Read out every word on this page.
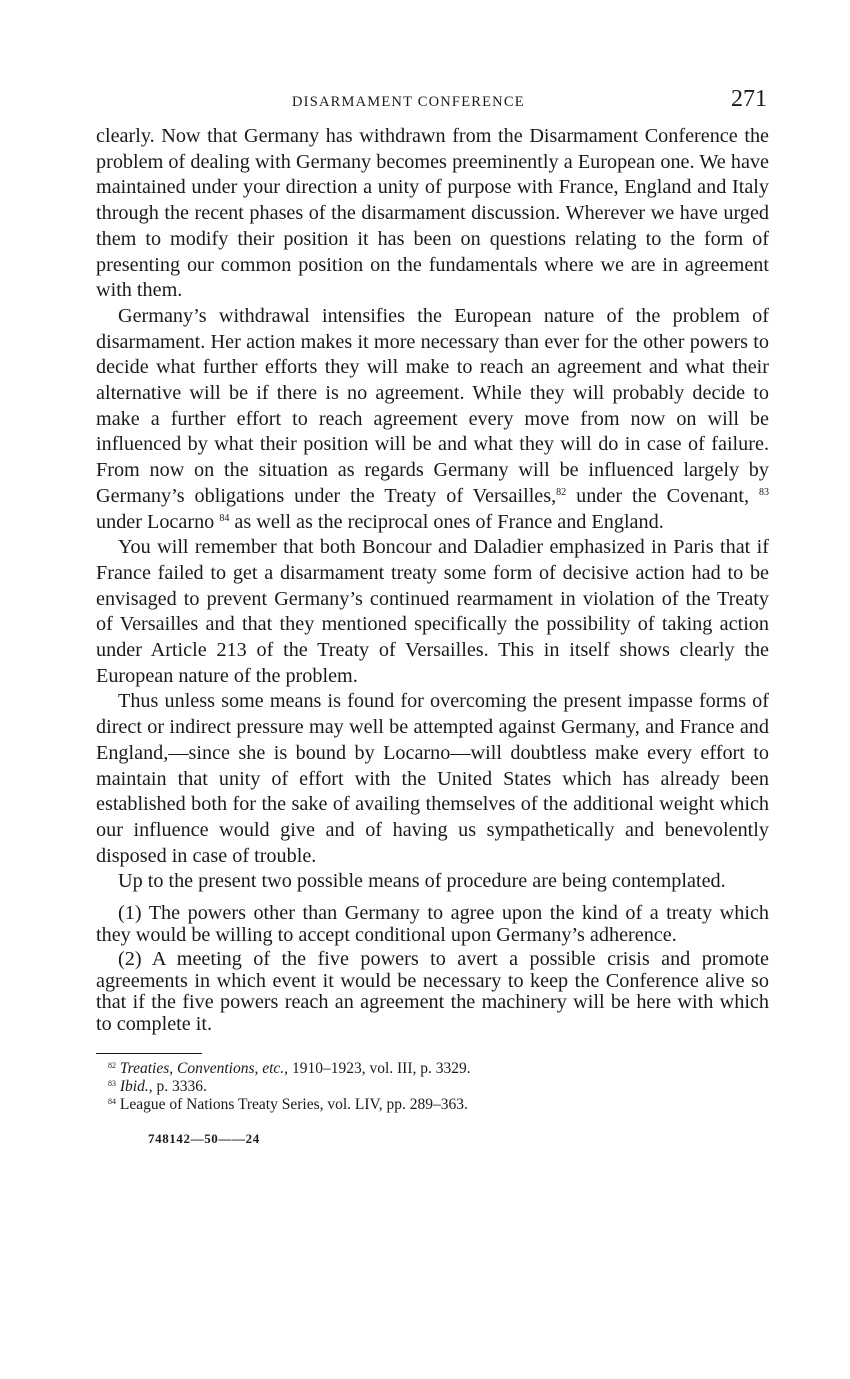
DISARMAMENT CONFERENCE	271

clearly. Now that Germany has withdrawn from the Disarmament Conference the problem of dealing with Germany becomes preeminently a European one. We have maintained under your direction a unity of purpose with France, England and Italy through the recent phases of the disarmament discussion. Wherever we have urged them to modify their position it has been on questions relating to the form of presenting our common position on the fundamentals where we are in agreement with them.

Germany’s withdrawal intensifies the European nature of the problem of disarmament. Her action makes it more necessary than ever for the other powers to decide what further efforts they will make to reach an agreement and what their alternative will be if there is no agreement. While they will probably decide to make a further effort to reach agreement every move from now on will be influenced by what their position will be and what they will do in case of failure. From now on the situation as regards Germany will be influenced largely by Germany’s obligations under the Treaty of Versailles,$^{82}$ under the Covenant, $^{83}$ under Locarno $^{84}$ as well as the reciprocal ones of France and England.

You will remember that both Boncour and Daladier emphasized in Paris that if France failed to get a disarmament treaty some form of decisive action had to be envisaged to prevent Germany’s continued rearmament in violation of the Treaty of Versailles and that they mentioned specifically the possibility of taking action under Article 213 of the Treaty of Versailles. This in itself shows clearly the European nature of the problem.

Thus unless some means is found for overcoming the present impasse forms of direct or indirect pressure may well be attempted against Germany, and France and England,—since she is bound by Locarno—will doubtless make every effort to maintain that unity of effort with the United States which has already been established both for the sake of availing themselves of the additional weight which our influence would give and of having us sympathetically and benevolently disposed in case of trouble.

Up to the present two possible means of procedure are being contemplated.

(1) The powers other than Germany to agree upon the kind of a treaty which they would be willing to accept conditional upon Germany’s adherence.

(2) A meeting of the five powers to avert a possible crisis and promote agreements in which event it would be necessary to keep the Conference alive so that if the five powers reach an agreement the machinery will be here with which to complete it.

$^{82}$ Treaties, Conventions, etc., 1910–1923, vol. III, p. 3329.

$^{83}$ Ibid., p. 3336.

$^{84}$ League of Nations Treaty Series, vol. LIV, pp. 289–363.

748142—50——24
